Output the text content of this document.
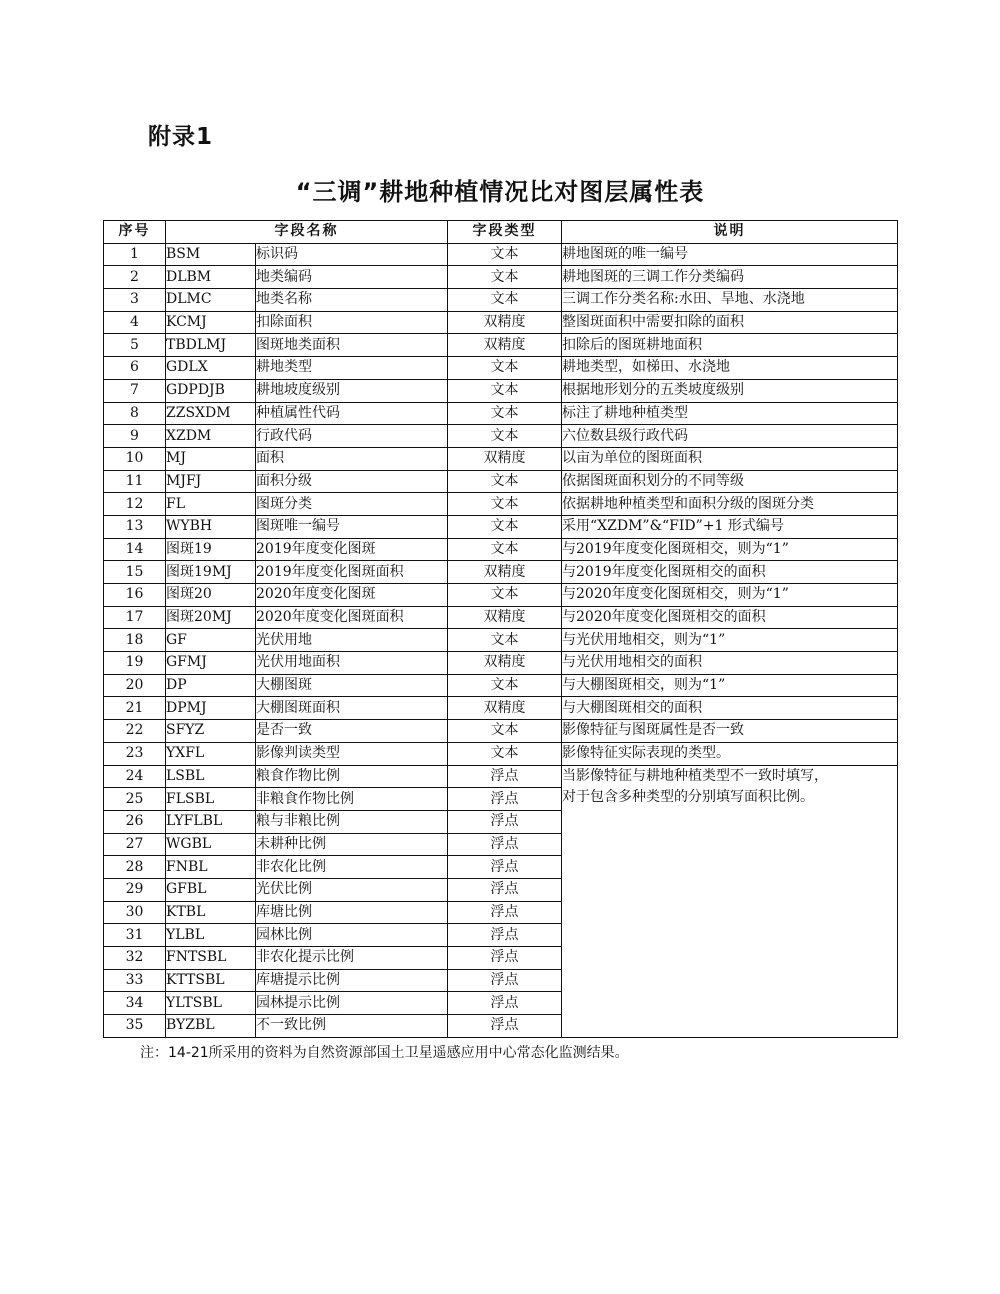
附录1
“三调”耕地种植情况比对图层属性表
序号	字段名称		字段类型	说明
1	BSM	标识码	文本	耕地图斑的唯一编号
2	DLBM	地类编码	文本	耕地图斑的三调工作分类编码
3	DLMC	地类名称	文本	三调工作分类名称:水田、旱地、水浇地
4	KCMJ	扣除面积	双精度	整图斑面积中需要扣除的面积
5	TBDLMJ	图斑地类面积	双精度	扣除后的图斑耕地面积
6	GDLX	耕地类型	文本	耕地类型，如梯田、水浇地
7	GDPDJB	耕地坡度级别	文本	根据地形划分的五类坡度级别
8	ZZSXDM	种植属性代码	文本	标注了耕地种植类型
9	XZDM	行政代码	文本	六位数县级行政代码
10	MJ	面积	双精度	以亩为单位的图斑面积
11	MJFJ	面积分级	文本	依据图斑面积划分的不同等级
12	FL	图斑分类	文本	依据耕地种植类型和面积分级的图斑分类
13	WYBH	图斑唯一编号	文本	采用“XZDM”&“FID”+1 形式编号
14	图斑19	2019年度变化图斑	文本	与2019年度变化图斑相交，则为“1”
15	图斑19MJ	2019年度变化图斑面积	双精度	与2019年度变化图斑相交的面积
16	图斑20	2020年度变化图斑	文本	与2020年度变化图斑相交，则为“1”
17	图斑20MJ	2020年度变化图斑面积	双精度	与2020年度变化图斑相交的面积
18	GF	光伏用地	文本	与光伏用地相交，则为“1”
19	GFMJ	光伏用地面积	双精度	与光伏用地相交的面积
20	DP	大棚图斑	文本	与大棚图斑相交，则为“1”
21	DPMJ	大棚图斑面积	双精度	与大棚图斑相交的面积
22	SFYZ	是否一致	文本	影像特征与图斑属性是否一致
23	YXFL	影像判读类型	文本	影像特征实际表现的类型。
24	LSBL	粮食作物比例	浮点	当影像特征与耕地种植类型不一致时填写，
对于包含多种类型的分别填写面积比例。

25	FLSBL	非粮食作物比例	浮点	
26	LYFLBL	粮与非粮比例	浮点	
27	WGBL	未耕种比例	浮点	
28	FNBL	非农化比例	浮点	
29	GFBL	光伏比例	浮点	
30	KTBL	库塘比例	浮点	
31	YLBL	园林比例	浮点	
32	FNTSBL	非农化提示比例	浮点	
33	KTTSBL	库塘提示比例	浮点	
34	YLTSBL	园林提示比例	浮点	
35	BYZBL	不一致比例	浮点	
注：14-21所采用的资料为自然资源部国土卫星遥感应用中心常态化监测结果。
